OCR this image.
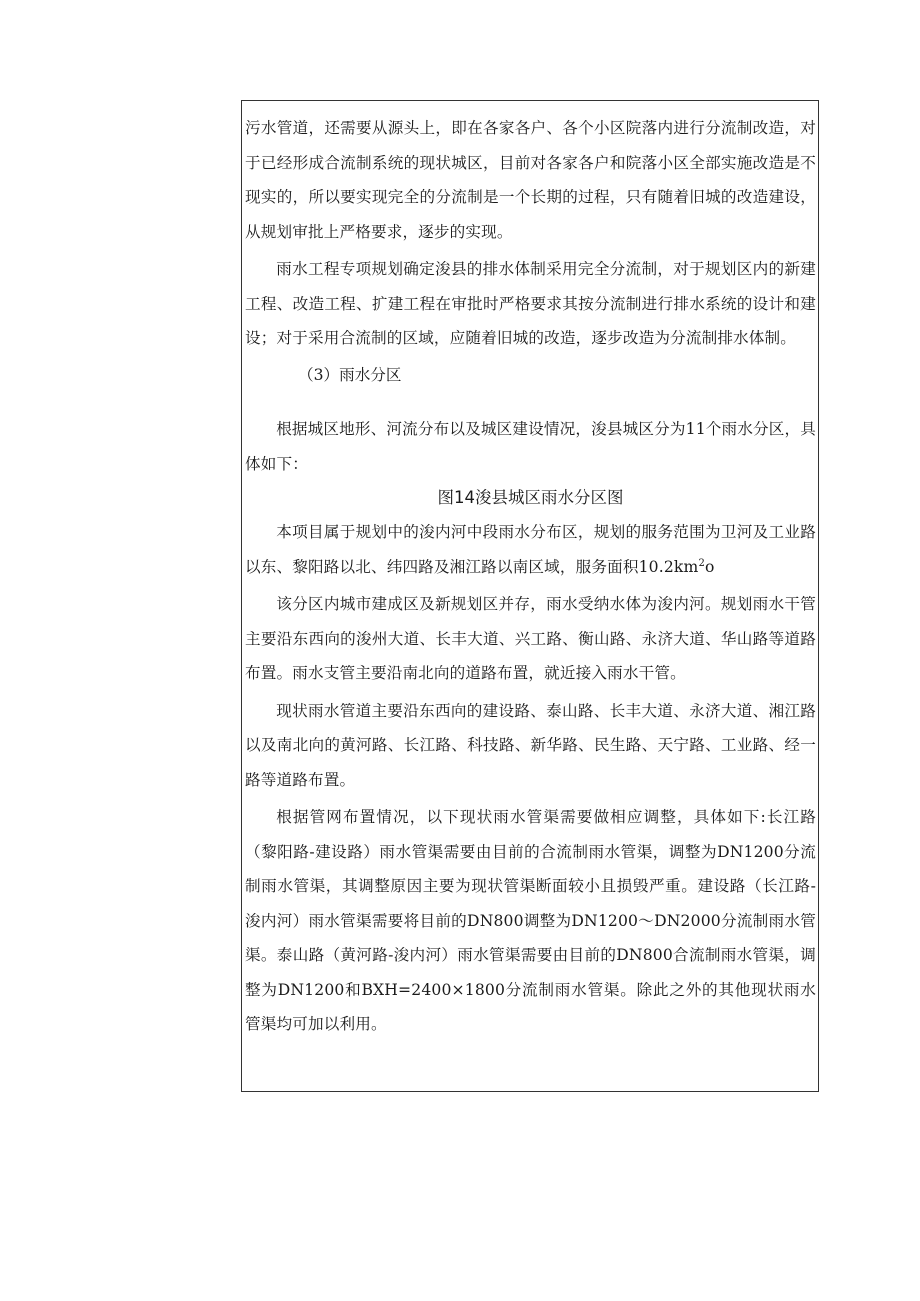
污水管道，还需要从源头上，即在各家各户、各个小区院落内进行分流制改造，对于已经形成合流制系统的现状城区，目前对各家各户和院落小区全部实施改造是不现实的，所以要实现完全的分流制是一个长期的过程，只有随着旧城的改造建设，从规划审批上严格要求，逐步的实现。

雨水工程专项规划确定浚县的排水体制采用完全分流制，对于规划区内的新建工程、改造工程、扩建工程在审批时严格要求其按分流制进行排水系统的设计和建设；对于采用合流制的区域，应随着旧城的改造，逐步改造为分流制排水体制。

（3）雨水分区

根据城区地形、河流分布以及城区建设情况，浚县城区分为11个雨水分区，具体如下：

图14浚县城区雨水分区图

本项目属于规划中的浚内河中段雨水分布区，规划的服务范围为卫河及工业路以东、黎阳路以北、纬四路及湘江路以南区域，服务面积$10.2km^2o$

该分区内城市建成区及新规划区并存，雨水受纳水体为浚内河。规划雨水干管主要沿东西向的浚州大道、长丰大道、兴工路、衡山路、永济大道、华山路等道路布置。雨水支管主要沿南北向的道路布置，就近接入雨水干管。

现状雨水管道主要沿东西向的建设路、泰山路、长丰大道、永济大道、湘江路以及南北向的黄河路、长江路、科技路、新华路、民生路、天宁路、工业路、经一路等道路布置。

根据管网布置情况，以下现状雨水管渠需要做相应调整，具体如下:长江路（黎阳路-建设路）雨水管渠需要由目前的合流制雨水管渠，调整为DN1200分流制雨水管渠，其调整原因主要为现状管渠断面较小且损毁严重。建设路（长江路-浚内河）雨水管渠需要将目前的DN800调整为DN1200～DN2000分流制雨水管渠。泰山路（黄河路-浚内河）雨水管渠需要由目前的DN800合流制雨水管渠，调整为DN1200和BXH=2400×1800分流制雨水管渠。除此之外的其他现状雨水管渠均可加以利用。
